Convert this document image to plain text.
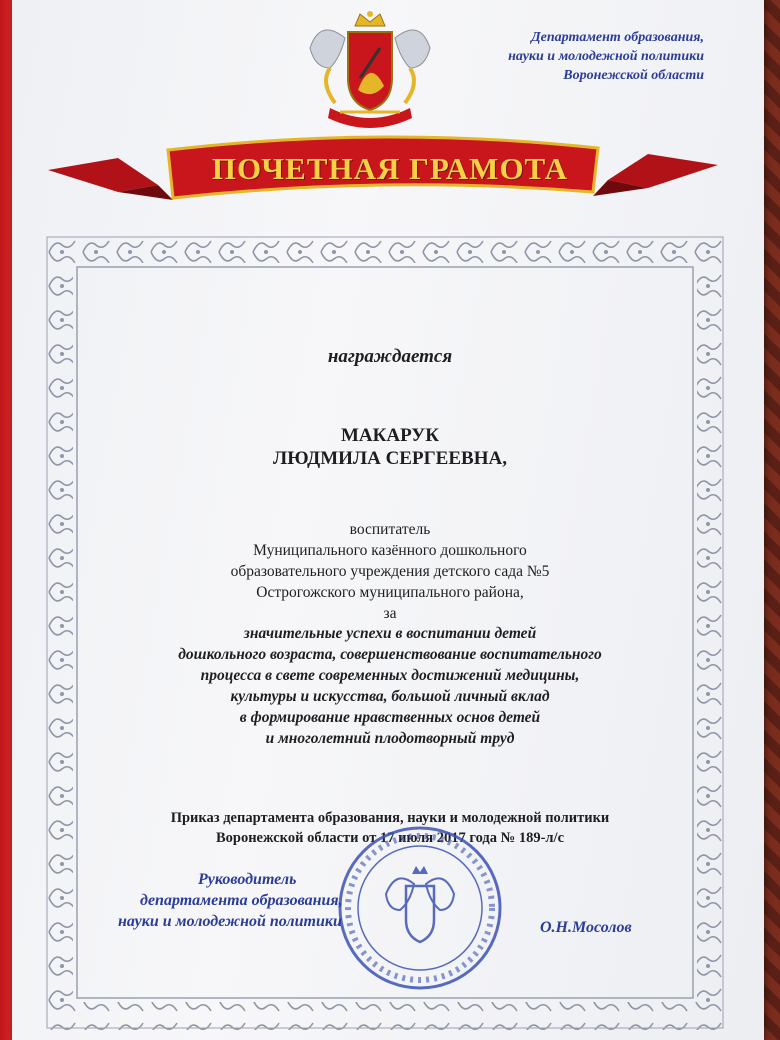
Департамент образования,
науки и молодежной политики
Воронежской области
ПОЧЕТНАЯ ГРАМОТА
награждается
МАКАРУК
ЛЮДМИЛА СЕРГЕЕВНА,
воспитатель
Муниципального казённого дошкольного
образовательного учреждения детского сада №5
Острогожского муниципального района,
за
значительные успехи в воспитании детей
дошкольного возраста, совершенствование воспитательного
процесса в свете современных достижений медицины,
культуры и искусства, большой личный вклад
в формирование нравственных основ детей
и многолетний плодотворный труд
Приказ департамента образования, науки и молодежной политики
Воронежской области от 17 июля 2017 года № 189-л/с
Руководитель
департамента образования,
науки и молодежной политики	О.Н.Мосолов
